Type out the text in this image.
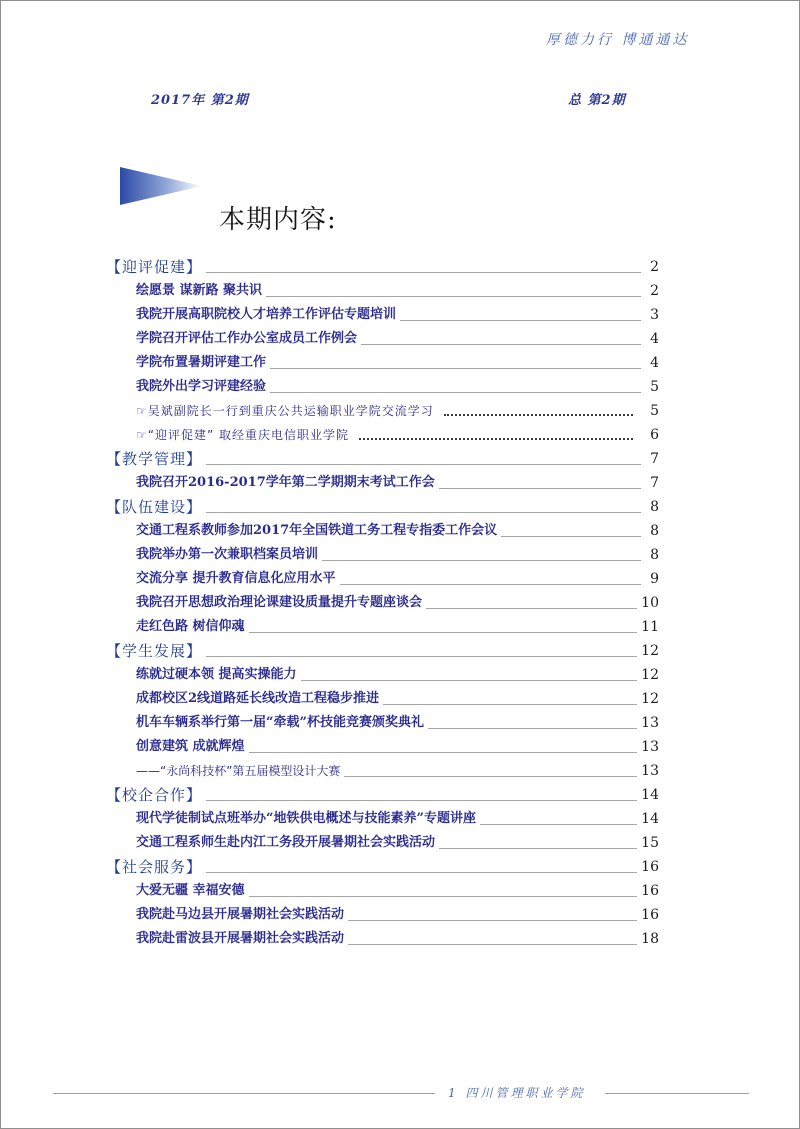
厚德力行 博通通达
2017年 第2期	总 第2期
本期内容:
【迎评促建】	2
绘愿景 谋新路 聚共识	2
我院开展高职院校人才培养工作评估专题培训	3
学院召开评估工作办公室成员工作例会	4
学院布置暑期评建工作	4
我院外出学习评建经验	5
☞吴斌副院长一行到重庆公共运输职业学院交流学习	5
☞“迎评促建” 取经重庆电信职业学院	6
【教学管理】	7
我院召开2016-2017学年第二学期期末考试工作会	7
【队伍建设】	8
交通工程系教师参加2017年全国铁道工务工程专指委工作会议	8
我院举办第一次兼职档案员培训	8
交流分享 提升教育信息化应用水平	9
我院召开思想政治理论课建设质量提升专题座谈会	10
走红色路 树信仰魂	11
【学生发展】	12
练就过硬本领 提高实操能力	12
成都校区2线道路延长线改造工程稳步推进	12
机车车辆系举行第一届“牵载”杯技能竞赛颁奖典礼	13
创意建筑 成就辉煌	13
——“永尚科技杯”第五届模型设计大赛	13
【校企合作】	14
现代学徒制试点班举办“地铁供电概述与技能素养”专题讲座	14
交通工程系师生赴内江工务段开展暑期社会实践活动	15
【社会服务】	16
大爱无疆 幸福安德	16
我院赴马边县开展暑期社会实践活动	16
我院赴雷波县开展暑期社会实践活动	18
1 四川管理职业学院
